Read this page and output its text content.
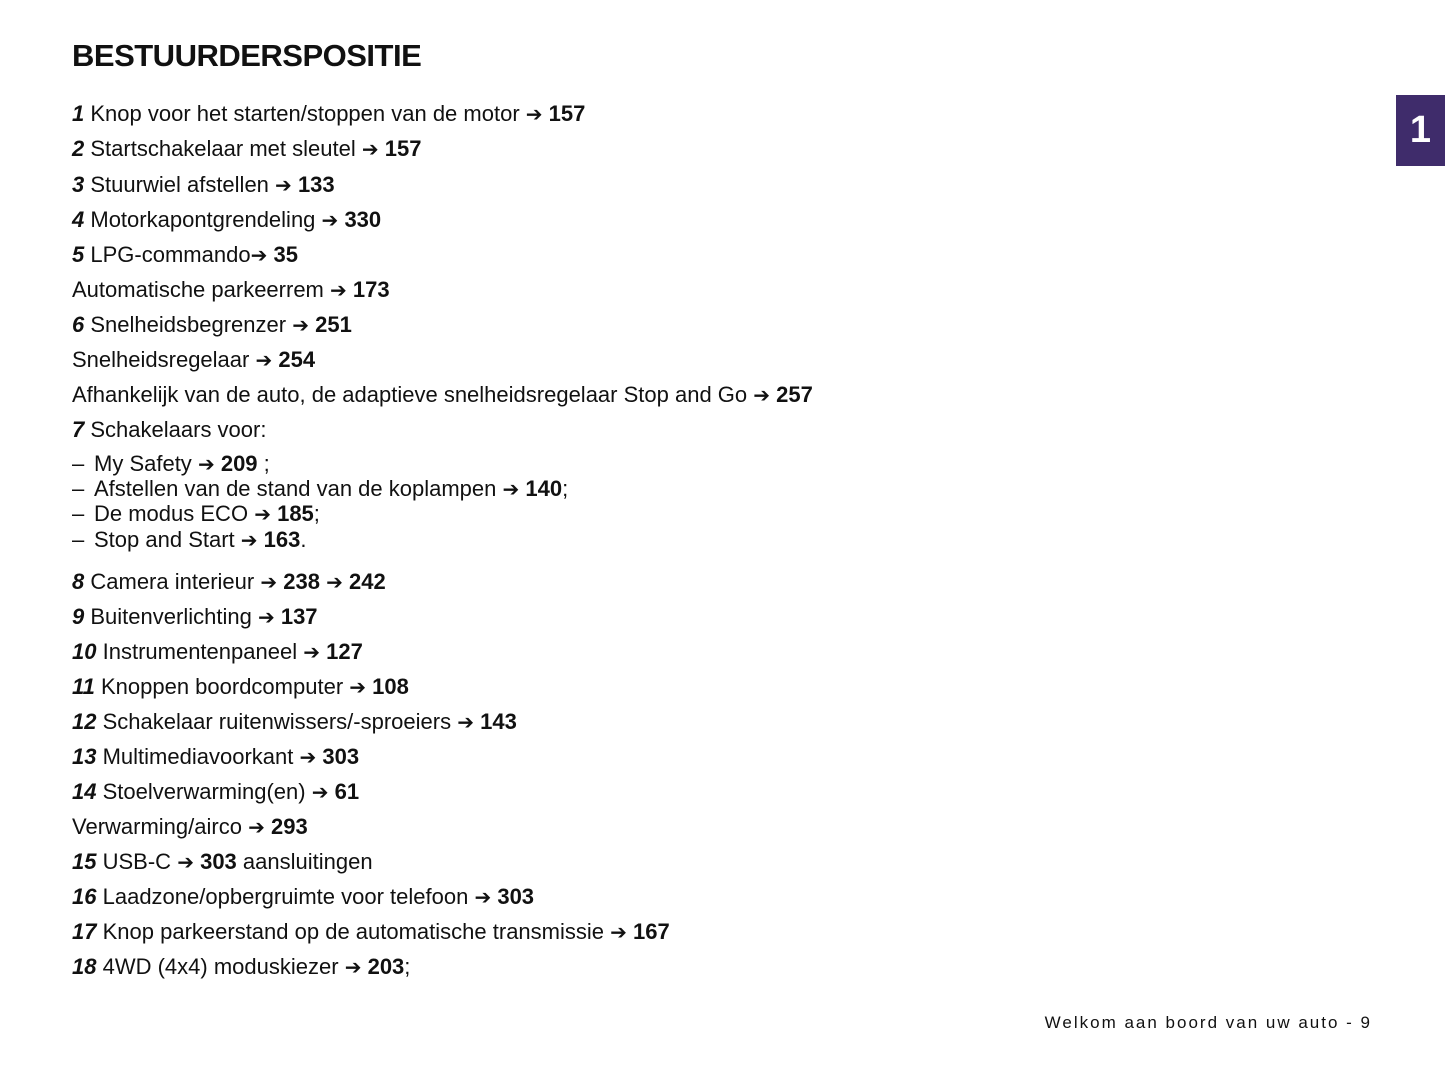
BESTUURDERSPOSITIE
1
1 Knop voor het starten/stoppen van de motor ➔ 157
2 Startschakelaar met sleutel ➔ 157
3 Stuurwiel afstellen ➔ 133
4 Motorkapontgrendeling ➔ 330
5 LPG-commando➔ 35
Automatische parkeerrem ➔ 173
6 Snelheidsbegrenzer ➔ 251
Snelheidsregelaar ➔ 254
Afhankelijk van de auto, de adaptieve snelheidsregelaar Stop and Go ➔ 257
7 Schakelaars voor:
– My Safety ➔ 209 ;
– Afstellen van de stand van de koplampen ➔ 140;
– De modus ECO ➔ 185;
– Stop and Start ➔ 163.
8 Camera interieur ➔ 238 ➔ 242
9 Buitenverlichting ➔ 137
10 Instrumentenpaneel ➔ 127
11 Knoppen boordcomputer ➔ 108
12 Schakelaar ruitenwissers/-sproeiers ➔ 143
13 Multimediavoorkant ➔ 303
14 Stoelverwarming(en) ➔ 61
Verwarming/airco ➔ 293
15 USB-C ➔ 303 aansluitingen
16 Laadzone/opbergruimte voor telefoon ➔ 303
17 Knop parkeerstand op de automatische transmissie ➔ 167
18 4WD (4x4) moduskiezer ➔ 203;
Welkom aan boord van uw auto - 9
